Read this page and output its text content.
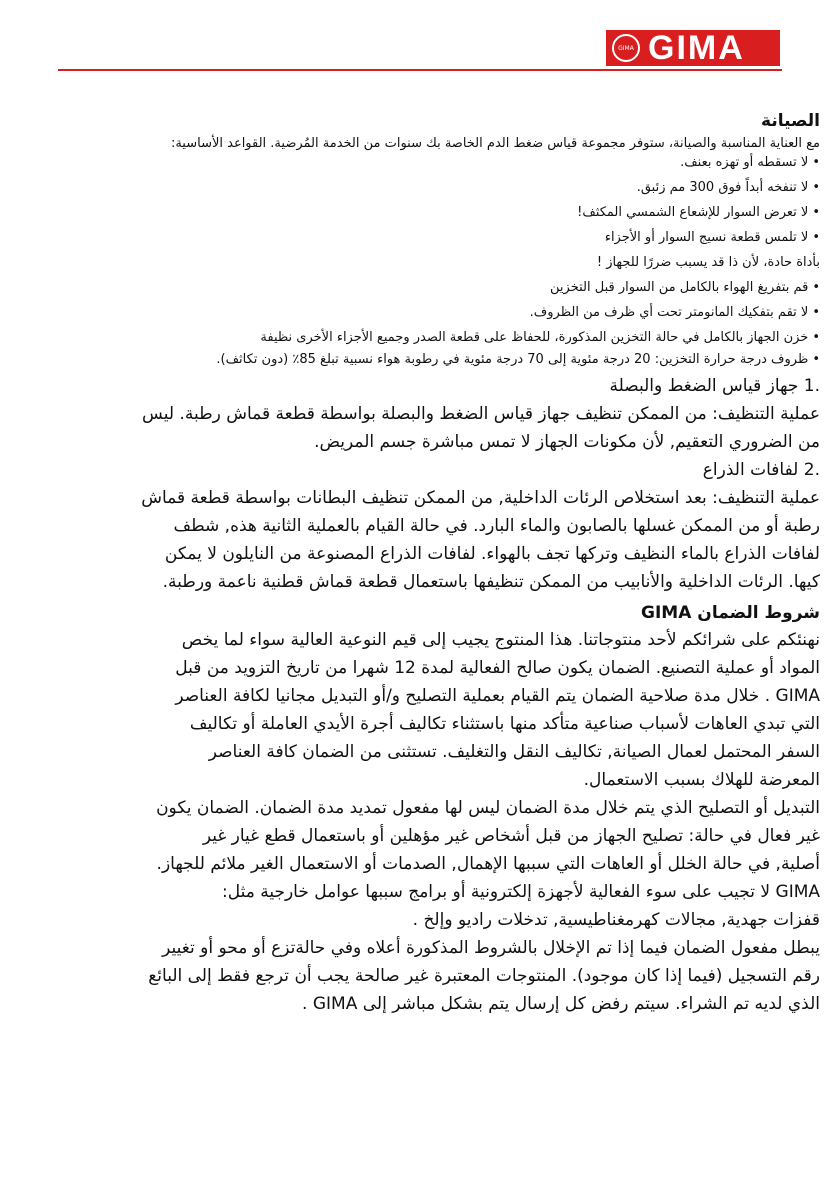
GIMA GIMA
الصيانة

مع العناية المناسبة والصيانة، ستوفر مجموعة قياس ضغط الدم الخاصة بك سنوات من الخدمة المُرضية. القواعد الأساسية:

•لا تسقطه أو تهزه بعنف.
•لا تنفخه أبداً فوق 300 مم زئبق.
•لا تعرض السوار للإشعاع الشمسي المكثف!
•لا تلمس قطعة نسيج السوار أو الأجزاء
بأداة حادة، لأن ذا قد يسبب ضررًا للجهاز !
•قم بتفريغ الهواء بالكامل من السوار قبل التخزين
•لا تقم بتفكيك المانومتر تحت أي ظرف من الظروف.
•خزن الجهاز بالكامل في حالة التخزين المذكورة، للحفاظ على قطعة الصدر وجميع الأجزاء الأخرى نظيفة
•ظروف درجة حرارة التخزين: 20 درجة مئوية إلى 70 درجة مئوية في رطوبة هواء نسبية تبلغ 85٪ (دون تكاثف).

.1 جهاز قياس الضغط والبصلة

عملية التنظيف: من الممكن تنظيف جهاز قياس الضغط والبصلة بواسطة قطعة قماش رطبة. ليس

من الضروري التعقيم, لأن مكونات الجهاز لا تمس مباشرة جسم المريض.

.2 لفافات الذراع

عملية التنظيف: بعد استخلاص الرئات الداخلية, من الممكن تنظيف البطانات بواسطة قطعة قماش

رطبة أو من الممكن غسلها بالصابون والماء البارد. في حالة القيام بالعملية الثانية هذه, شطف

لفافات الذراع بالماء النظيف وتركها تجف بالهواء. لفافات الذراع المصنوعة من النايلون لا يمكن

كيها. الرئات الداخلية والأنابيب من الممكن تنظيفها باستعمال قطعة قماش قطنية ناعمة ورطبة.

شروط الضمان GIMA

نهنئكم على شرائكم لأحد منتوجاتنا. هذا المنتوج يجيب إلى قيم النوعية العالية سواء لما يخص

المواد أو عملية التصنيع. الضمان يكون صالح الفعالية لمدة 12 شهرا من تاريخ التزويد من قبل

GIMA . خلال مدة صلاحية الضمان يتم القيام بعملية التصليح و/أو التبديل مجانيا لكافة العناصر

التي تبدي العاهات لأسباب صناعية متأكد منها باستثناء تكاليف أجرة الأيدي العاملة أو تكاليف

السفر المحتمل لعمال الصيانة, تكاليف النقل والتغليف. تستثنى من الضمان كافة العناصر

المعرضة للهلاك بسبب الاستعمال.

التبديل أو التصليح الذي يتم خلال مدة الضمان ليس لها مفعول تمديد مدة الضمان. الضمان يكون

غير فعال في حالة: تصليح الجهاز من قبل أشخاص غير مؤهلين أو باستعمال قطع غيار غير

أصلية, في حالة الخلل أو العاهات التي سببها الإهمال, الصدمات أو الاستعمال الغير ملائم للجهاز.

GIMA لا تجيب على سوء الفعالية لأجهزة إلكترونية أو برامج سببها عوامل خارجية مثل:

قفزات جهدية, مجالات كهرمغناطيسية, تدخلات راديو وإلخ .

يبطل مفعول الضمان فيما إذا تم الإخلال بالشروط المذكورة أعلاه وفي حالةتزع أو محو أو تغيير

رقم التسجيل (فيما إذا كان موجود). المنتوجات المعتبرة غير صالحة يجب أن ترجع فقط إلى البائع

الذي لديه تم الشراء. سيتم رفض كل إرسال يتم بشكل مباشر إلى GIMA .
